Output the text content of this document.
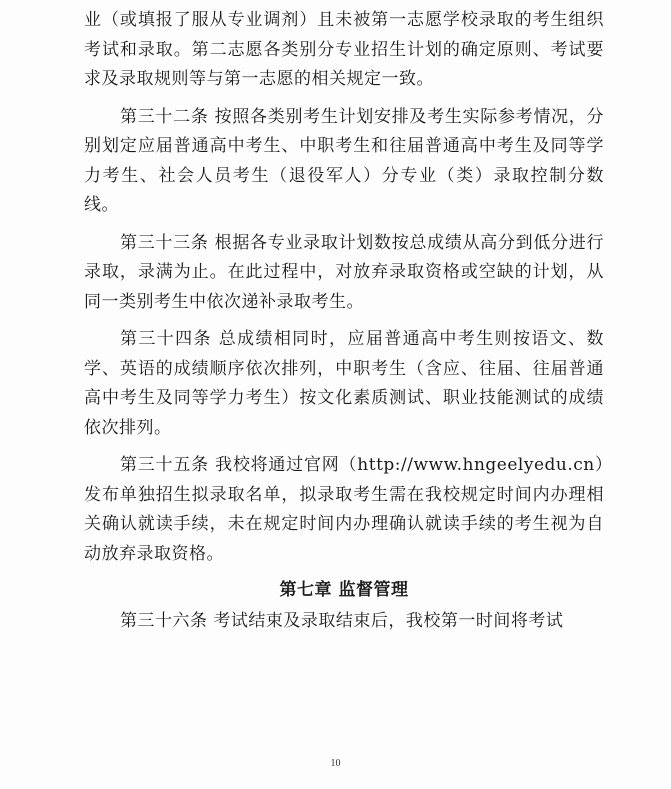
业（或填报了服从专业调剂）且未被第一志愿学校录取的考生组织考试和录取。第二志愿各类别分专业招生计划的确定原则、考试要求及录取规则等与第一志愿的相关规定一致。

第三十二条 按照各类别考生计划安排及考生实际参考情况，分别划定应届普通高中考生、中职考生和往届普通高中考生及同等学力考生、社会人员考生（退役军人）分专业（类）录取控制分数线。

第三十三条 根据各专业录取计划数按总成绩从高分到低分进行录取，录满为止。在此过程中，对放弃录取资格或空缺的计划，从同一类别考生中依次递补录取考生。

第三十四条 总成绩相同时，应届普通高中考生则按语文、数学、英语的成绩顺序依次排列，中职考生（含应、往届、往届普通高中考生及同等学力考生）按文化素质测试、职业技能测试的成绩依次排列。

第三十五条 我校将通过官网（http://www.hngeelyedu.cn）发布单独招生拟录取名单，拟录取考生需在我校规定时间内办理相关确认就读手续，未在规定时间内办理确认就读手续的考生视为自动放弃录取资格。

第七章 监督管理

第三十六条 考试结束及录取结束后，我校第一时间将考试

10
